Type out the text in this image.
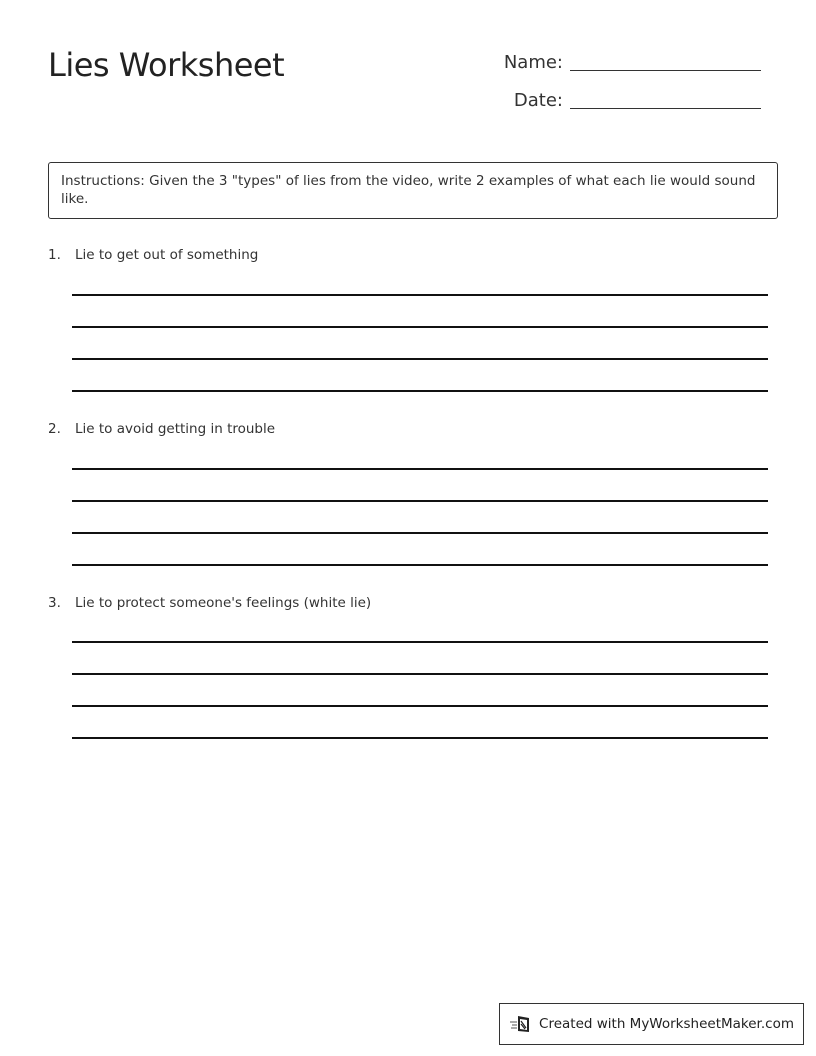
Lies Worksheet	Name:
Date:
Instructions: Given the 3 "types" of lies from the video, write 2 examples of what each lie would sound like.
1.	Lie to get out of something
2.	Lie to avoid getting in trouble
3.	Lie to protect someone's feelings (white lie)
Created with MyWorksheetMaker.com
